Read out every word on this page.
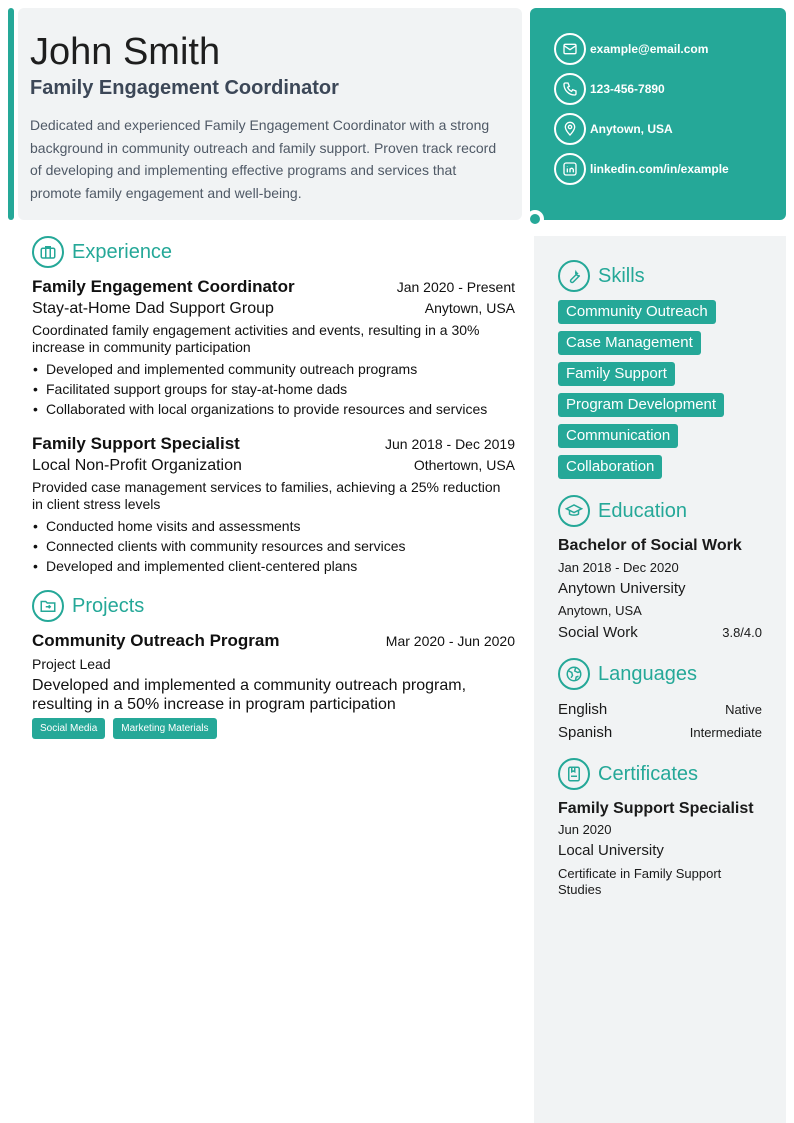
John Smith
Family Engagement Coordinator
Dedicated and experienced Family Engagement Coordinator with a strong background in community outreach and family support. Proven track record of developing and implementing effective programs and services that promote family engagement and well-being.
example@email.com
123-456-7890
Anytown, USA
linkedin.com/in/example
Experience
Family Engagement Coordinator	Jan 2020 - Present
Stay-at-Home Dad Support Group	Anytown, USA
Coordinated family engagement activities and events, resulting in a 30% increase in community participation
• Developed and implemented community outreach programs
• Facilitated support groups for stay-at-home dads
• Collaborated with local organizations to provide resources and services
Family Support Specialist	Jun 2018 - Dec 2019
Local Non-Profit Organization	Othertown, USA
Provided case management services to families, achieving a 25% reduction in client stress levels
• Conducted home visits and assessments
• Connected clients with community resources and services
• Developed and implemented client-centered plans
Projects
Community Outreach Program	Mar 2020 - Jun 2020
Project Lead
Developed and implemented a community outreach program, resulting in a 50% increase in program participation
Social Media	Marketing Materials
Skills
Community Outreach
Case Management
Family Support
Program Development
Communication
Collaboration
Education
Bachelor of Social Work
Jan 2018 - Dec 2020
Anytown University
Anytown, USA
Social Work	3.8/4.0
Languages
English	Native
Spanish	Intermediate
Certificates
Family Support Specialist
Jun 2020
Local University
Certificate in Family Support Studies
